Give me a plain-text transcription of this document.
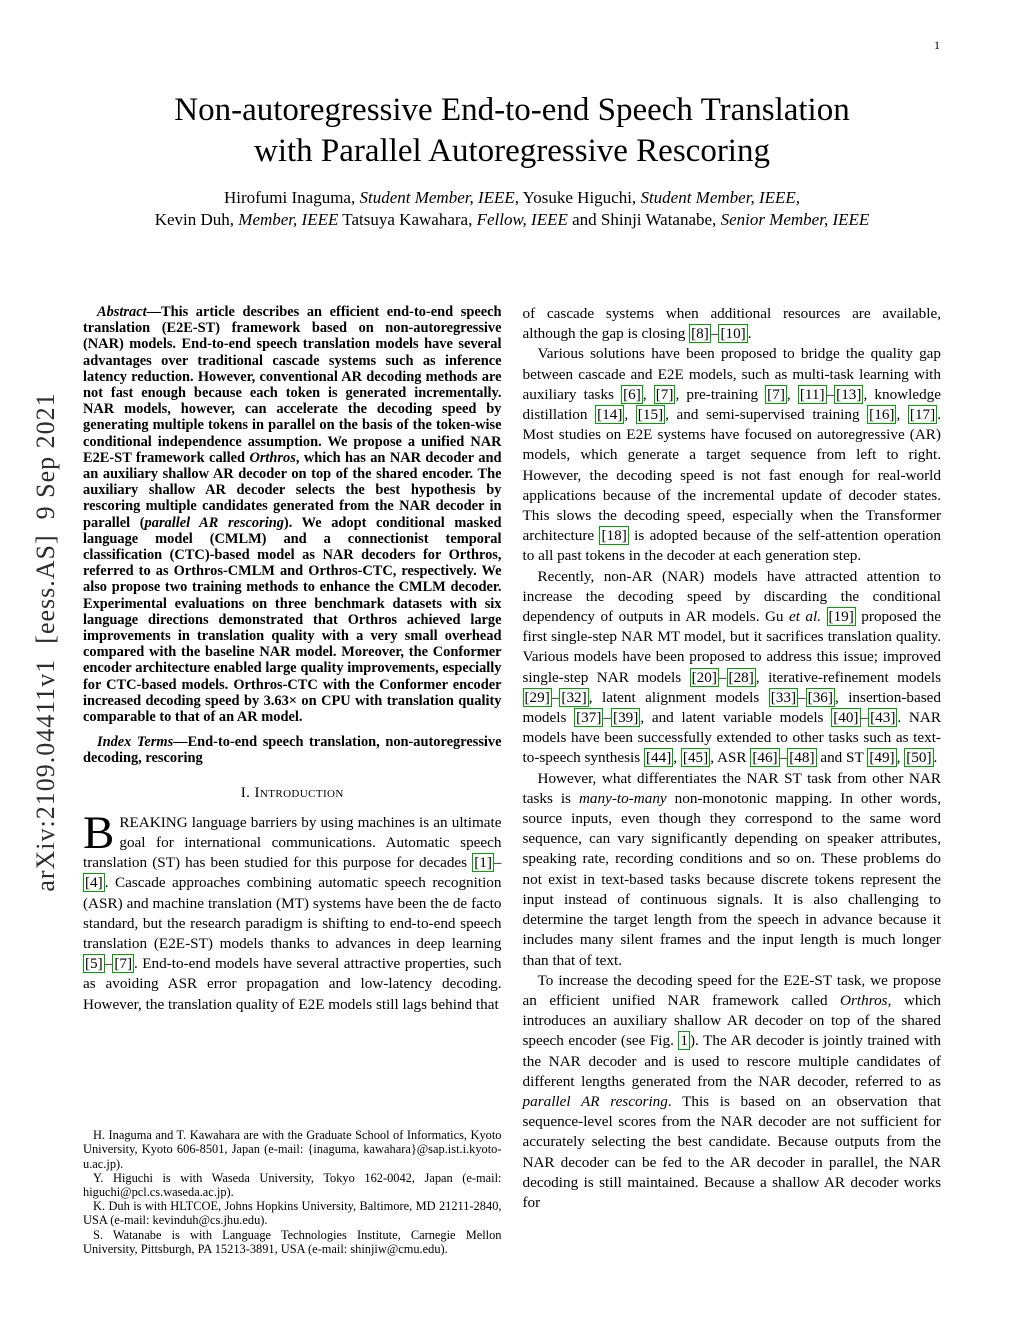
1
arXiv:2109.04411v1  [eess.AS]  9 Sep 2021
Non-autoregressive End-to-end Speech Translation
with Parallel Autoregressive Rescoring

Hirofumi Inaguma, Student Member, IEEE, Yosuke Higuchi, Student Member, IEEE,

Kevin Duh, Member, IEEE Tatsuya Kawahara, Fellow, IEEE and Shinji Watanabe, Senior Member, IEEE

Abstract—This article describes an efficient end-to-end speech translation (E2E-ST) framework based on non-autoregressive (NAR) models. End-to-end speech translation models have several advantages over traditional cascade systems such as inference latency reduction. However, conventional AR decoding methods are not fast enough because each token is generated incrementally. NAR models, however, can accelerate the decoding speed by generating multiple tokens in parallel on the basis of the token-wise conditional independence assumption. We propose a unified NAR E2E-ST framework called Orthros, which has an NAR decoder and an auxiliary shallow AR decoder on top of the shared encoder. The auxiliary shallow AR decoder selects the best hypothesis by rescoring multiple candidates generated from the NAR decoder in parallel (parallel AR rescoring). We adopt conditional masked language model (CMLM) and a connectionist temporal classification (CTC)-based model as NAR decoders for Orthros, referred to as Orthros-CMLM and Orthros-CTC, respectively. We also propose two training methods to enhance the CMLM decoder. Experimental evaluations on three benchmark datasets with six language directions demonstrated that Orthros achieved large improvements in translation quality with a very small overhead compared with the baseline NAR model. Moreover, the Conformer encoder architecture enabled large quality improvements, especially for CTC-based models. Orthros-CTC with the Conformer encoder increased decoding speed by 3.63× on CPU with translation quality comparable to that of an AR model.

Index Terms—End-to-end speech translation, non-autoregressive decoding, rescoring

I. Introduction

BREAKING language barriers by using machines is an ultimate goal for international communications. Automatic speech translation (ST) has been studied for this purpose for decades [1] –[4] . Cascade approaches combining automatic speech recognition (ASR) and machine translation (MT) systems have been the de facto standard, but the research paradigm is shifting to end-to-end speech translation (E2E-ST) models thanks to advances in deep learning [5] – [7] . End-to-end models have several attractive properties, such as avoiding ASR error propagation and low-latency decoding. However, the translation quality of E2E models still lags behind that

H. Inaguma and T. Kawahara are with the Graduate School of Informatics, Kyoto University, Kyoto 606-8501, Japan (e-mail: {inaguma, kawahara}@sap.ist.i.kyoto-u.ac.jp).

Y. Higuchi is with Waseda University, Tokyo 162-0042, Japan (e-mail: higuchi@pcl.cs.waseda.ac.jp).

K. Duh is with HLTCOE, Johns Hopkins University, Baltimore, MD 21211-2840, USA (e-mail: kevinduh@cs.jhu.edu).

S. Watanabe is with Language Technologies Institute, Carnegie Mellon University, Pittsburgh, PA 15213-3891, USA (e-mail: shinjiw@cmu.edu).

of cascade systems when additional resources are available, although the gap is closing [8] – [10] .

Various solutions have been proposed to bridge the quality gap between cascade and E2E models, such as multi-task learning with auxiliary tasks [6] , [7] , pre-training [7] , [11] – [13] , knowledge distillation [14] , [15] , and semi-supervised training [16] , [17] . Most studies on E2E systems have focused on autoregressive (AR) models, which generate a target sequence from left to right. However, the decoding speed is not fast enough for real-world applications because of the incremental update of decoder states. This slows the decoding speed, especially when the Transformer architecture [18] is adopted because of the self-attention operation to all past tokens in the decoder at each generation step.

Recently, non-AR (NAR) models have attracted attention to increase the decoding speed by discarding the conditional dependency of outputs in AR models. Gu et al. [19] proposed the first single-step NAR MT model, but it sacrifices translation quality. Various models have been proposed to address this issue; improved single-step NAR models [20] – [28] , iterative-refinement models [29] – [32] , latent alignment models [33] – [36] , insertion-based models [37] – [39] , and latent variable models [40] – [43] . NAR models have been successfully extended to other tasks such as text-to-speech synthesis [44] , [45] , ASR [46] – [48] and ST [49] , [50] .

However, what differentiates the NAR ST task from other NAR tasks is many-to-many non-monotonic mapping. In other words, source inputs, even though they correspond to the same word sequence, can vary significantly depending on speaker attributes, speaking rate, recording conditions and so on. These problems do not exist in text-based tasks because discrete tokens represent the input instead of continuous signals. It is also challenging to determine the target length from the speech in advance because it includes many silent frames and the input length is much longer than that of text.

To increase the decoding speed for the E2E-ST task, we propose an efficient unified NAR framework called Orthros, which introduces an auxiliary shallow AR decoder on top of the shared speech encoder (see Fig. 1 ). The AR decoder is jointly trained with the NAR decoder and is used to rescore multiple candidates of different lengths generated from the NAR decoder, referred to as parallel AR rescoring. This is based on an observation that sequence-level scores from the NAR decoder are not sufficient for accurately selecting the best candidate. Because outputs from the NAR decoder can be fed to the AR decoder in parallel, the NAR decoding is still maintained. Because a shallow AR decoder works for
